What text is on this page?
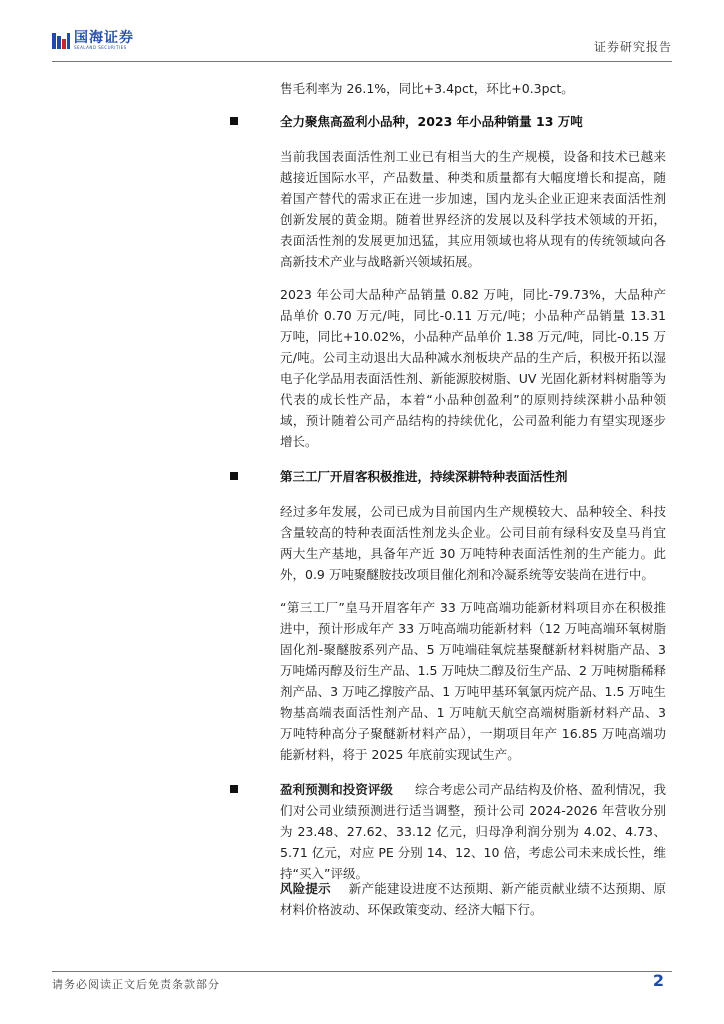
国海证券
SEALAND SECURITIES	证券研究报告

售毛利率为 26.1%，同比+3.4pct，环比+0.3pct。

全力聚焦高盈利小品种，2023 年小品种销量 13 万吨

当前我国表面活性剂工业已有相当大的生产规模，设备和技术已越来越接近国际水平，产品数量、种类和质量都有大幅度增长和提高，随着国产替代的需求正在进一步加速，国内龙头企业正迎来表面活性剂创新发展的黄金期。随着世界经济的发展以及科学技术领域的开拓，表面活性剂的发展更加迅猛，其应用领域也将从现有的传统领域向各高新技术产业与战略新兴领域拓展。

2023 年公司大品种产品销量 0.82 万吨，同比-79.73%，大品种产品单价 0.70 万元/吨，同比-0.11 万元/吨；小品种产品销量 13.31 万吨，同比+10.02%，小品种产品单价 1.38 万元/吨，同比-0.15 万元/吨。公司主动退出大品种减水剂板块产品的生产后，积极开拓以湿电子化学品用表面活性剂、新能源胶树脂、UV 光固化新材料树脂等为代表的成长性产品，本着“小品种创盈利”的原则持续深耕小品种领域，预计随着公司产品结构的持续优化，公司盈利能力有望实现逐步增长。

第三工厂开眉客积极推进，持续深耕特种表面活性剂

经过多年发展，公司已成为目前国内生产规模较大、品种较全、科技含量较高的特种表面活性剂龙头企业。公司目前有绿科安及皇马肖宜两大生产基地，具备年产近 30 万吨特种表面活性剂的生产能力。此外，0.9 万吨聚醚胺技改项目催化剂和冷凝系统等安装尚在进行中。

“第三工厂”皇马开眉客年产 33 万吨高端功能新材料项目亦在积极推进中，预计形成年产 33 万吨高端功能新材料（12 万吨高端环氧树脂固化剂-聚醚胺系列产品、5 万吨端硅氧烷基聚醚新材料树脂产品、3 万吨烯丙醇及衍生产品、1.5 万吨炔二醇及衍生产品、2 万吨树脂稀释剂产品、3 万吨乙撑胺产品、1 万吨甲基环氧氯丙烷产品、1.5 万吨生物基高端表面活性剂产品、1 万吨航天航空高端树脂新材料产品、3 万吨特种高分子聚醚新材料产品），一期项目年产 16.85 万吨高端功能新材料，将于 2025 年底前实现试生产。

盈利预测和投资评级 综合考虑公司产品结构及价格、盈利情况，我们对公司业绩预测进行适当调整，预计公司 2024-2026 年营收分别为 23.48、27.62、33.12 亿元，归母净利润分别为 4.02、4.73、5.71 亿元，对应 PE 分别 14、12、10 倍，考虑公司未来成长性，维持“买入”评级。

风险提示 新产能建设进度不达预期、新产能贡献业绩不达预期、原材料价格波动、环保政策变动、经济大幅下行。

请务必阅读正文后免责条款部分	2
